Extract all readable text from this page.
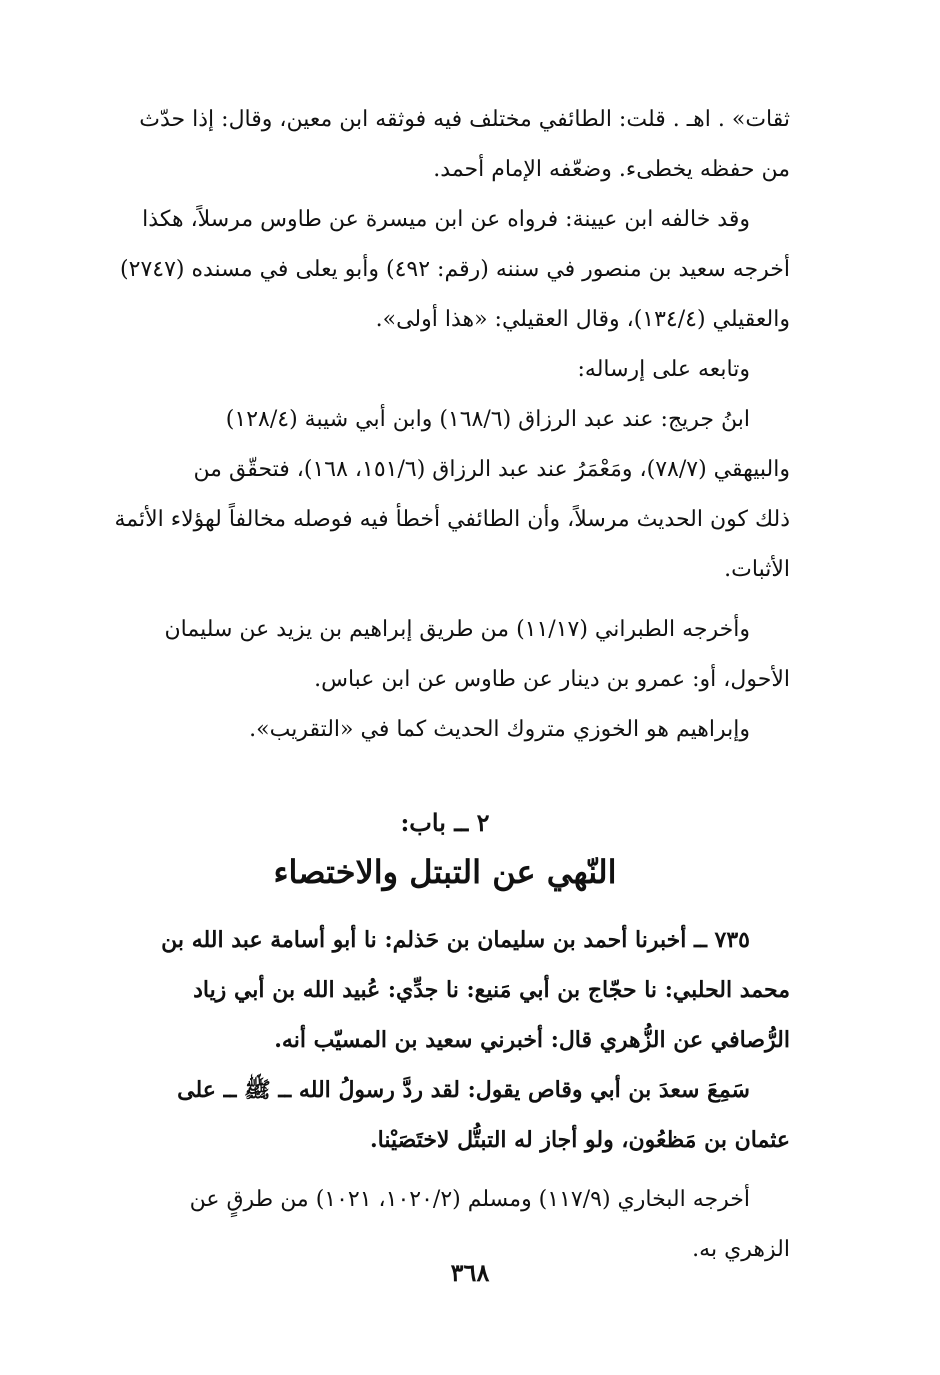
ثقات» . اهـ . قلت: الطائفي مختلف فيه فوثقه ابن معين، وقال: إذا حدّث
من حفظه يخطىء. وضعّفه الإمام أحمد.

وقد خالفه ابن عيينة: فرواه عن ابن ميسرة عن طاوس مرسلاً، هكذا
أخرجه سعيد بن منصور في سننه (رقم: ٤٩٢) وأبو يعلى في مسنده (٢٧٤٧)
والعقيلي (١٣٤/٤)، وقال العقيلي: «هذا أولى».

وتابعه على إرساله:

ابنُ جريج: عند عبد الرزاق (١٦٨/٦) وابن أبي شيبة (١٢٨/٤)
والبيهقي (٧٨/٧)، ومَعْمَرُ عند عبد الرزاق (١٥١/٦، ١٦٨)، فتحقّق من
ذلك كون الحديث مرسلاً، وأن الطائفي أخطأ فيه فوصله مخالفاً لهؤلاء الأئمة
الأثبات.

وأخرجه الطبراني (١١/١٧) من طريق إبراهيم بن يزيد عن سليمان
الأحول، أو: عمرو بن دينار عن طاوس عن ابن عباس.

وإبراهيم هو الخوزي متروك الحديث كما في «التقريب».

٢ ــ باب:
النّهي عن التبتل والاختصاء

٧٣٥ ــ أخبرنا أحمد بن سليمان بن حَذلم: نا أبو أسامة عبد الله بن
محمد الحلبي: نا حجّاج بن أبي مَنيع: نا جدِّي: عُبيد الله بن أبي زياد
الرُّصافي عن الزُّهري قال: أخبرني سعيد بن المسيّب أنه.

سَمِعَ سعدَ بن أبي وقاص يقول: لقد ردَّ رسولُ الله ــ ﷺ ــ على
عثمان بن مَظعُون، ولو أجاز له التبتُّل لاختَصَيْنا.

أخرجه البخاري (١١٧/٩) ومسلم (١٠٢٠/٢، ١٠٢١) من طرقٍ عن
الزهري به.

٣٦٨
